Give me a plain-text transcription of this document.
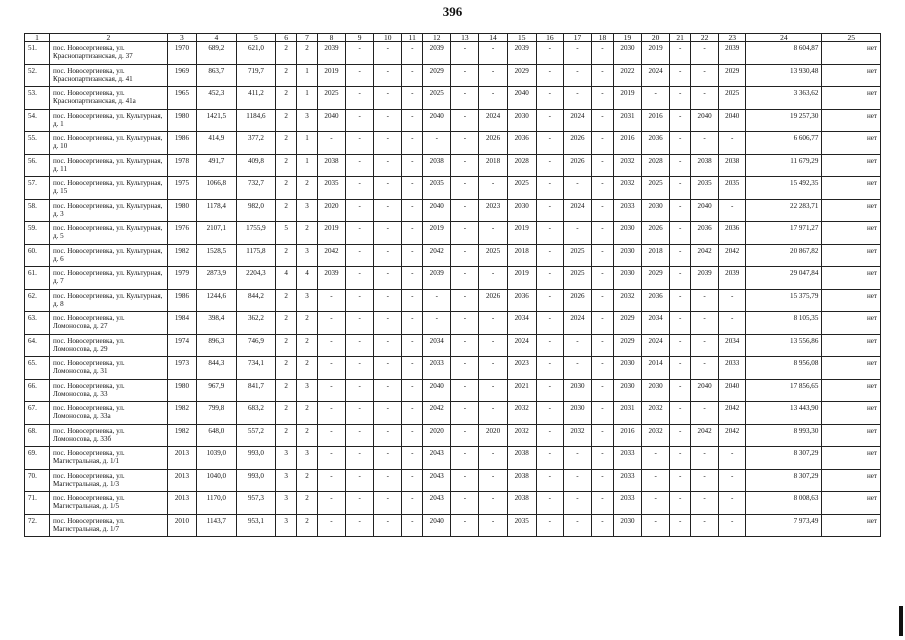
396
1	2	3	4	5	6	7	8	9	10	11	12	13	14	15	16	17	18	19	20	21	22	23	24	25
51.	пос. Новосергиевка, ул. Краснопартизанская, д. 37	1970	689,2	621,0	2	2	2039	-	-	-	2039	-	-	2039	-	-	-	2030	2019	-	-	2039	8 604,87	нет
52.	пос. Новосергиевка, ул. Краснопартизанская, д. 41	1969	863,7	719,7	2	1	2019	-	-	-	2029	-	-	2029	-	-	-	2022	2024	-	-	2029	13 930,48	нет
53.	пос. Новосергиевка, ул. Краснопартизанская, д. 41а	1965	452,3	411,2	2	1	2025	-	-	-	2025	-	-	2040	-	-	-	2019	-	-	-	2025	3 363,62	нет
54.	пос. Новосергиевка, ул. Культурная, д. 1	1980	1421,5	1184,6	2	3	2040	-	-	-	2040	-	2024	2030	-	2024	-	2031	2016	-	2040	2040	19 257,30	нет
55.	пос. Новосергиевка, ул. Культурная, д. 10	1986	414,9	377,2	2	1	-	-	-	-	-	-	2026	2036	-	2026	-	2016	2036	-	-	-	6 606,77	нет
56.	пос. Новосергиевка, ул. Культурная, д. 11	1978	491,7	409,8	2	1	2038	-	-	-	2038	-	2018	2028	-	2026	-	2032	2028	-	2038	2038	11 679,29	нет
57.	пос. Новосергиевка, ул. Культурная, д. 15	1975	1066,8	732,7	2	2	2035	-	-	-	2035	-	-	2025	-	-	-	2032	2025	-	2035	2035	15 492,35	нет
58.	пос. Новосергиевка, ул. Культурная, д. 3	1980	1178,4	982,0	2	3	2020	-	-	-	2040	-	2023	2030	-	2024	-	2033	2030	-	2040	-	22 283,71	нет
59.	пос. Новосергиевка, ул. Культурная, д. 5	1976	2107,1	1755,9	5	2	2019	-	-	-	2019	-	-	2019	-	-	-	2030	2026	-	2036	2036	17 971,27	нет
60.	пос. Новосергиевка, ул. Культурная, д. 6	1982	1528,5	1175,8	2	3	2042	-	-	-	2042	-	2025	2018	-	2025	-	2030	2018	-	2042	2042	20 867,82	нет
61.	пос. Новосергиевка, ул. Культурная, д. 7	1979	2873,9	2204,3	4	4	2039	-	-	-	2039	-	-	2019	-	2025	-	2030	2029	-	2039	2039	29 047,84	нет
62.	пос. Новосергиевка, ул. Культурная, д. 8	1986	1244,6	844,2	2	3	-	-	-	-	-	-	2026	2036	-	2026	-	2032	2036	-	-	-	15 375,79	нет
63.	пос. Новосергиевка, ул. Ломоносова, д. 27	1984	398,4	362,2	2	2	-	-	-	-	-	-	-	2034	-	2024	-	2029	2034	-	-	-	8 105,35	нет
64.	пос. Новосергиевка, ул. Ломоносова, д. 29	1974	896,3	746,9	2	2	-	-	-	-	2034	-	-	2024	-	-	-	2029	2024	-	-	2034	13 556,86	нет
65.	пос. Новосергиевка, ул. Ломоносова, д. 31	1973	844,3	734,1	2	2	-	-	-	-	2033	-	-	2023	-	-	-	2030	2014	-	-	2033	8 956,08	нет
66.	пос. Новосергиевка, ул. Ломоносова, д. 33	1980	967,9	841,7	2	3	-	-	-	-	2040	-	-	2021	-	2030	-	2030	2030	-	2040	2040	17 856,65	нет
67.	пос. Новосергиевка, ул. Ломоносова, д. 33а	1982	799,8	683,2	2	2	-	-	-	-	2042	-	-	2032	-	2030	-	2031	2032	-	-	2042	13 443,90	нет
68.	пос. Новосергиевка, ул. Ломоносова, д. 33б	1982	648,0	557,2	2	2	-	-	-	-	2020	-	2020	2032	-	2032	-	2016	2032	-	2042	2042	8 993,30	нет
69.	пос. Новосергиевка, ул. Магистральная, д. 1/1	2013	1039,0	993,0	3	3	-	-	-	-	2043	-	-	2038	-	-	-	2033	-	-	-	-	8 307,29	нет
70.	пос. Новосергиевка, ул. Магистральная, д. 1/3	2013	1040,0	993,0	3	2	-	-	-	-	2043	-	-	2038	-	-	-	2033	-	-	-	-	8 307,29	нет
71.	пос. Новосергиевка, ул. Магистральная, д. 1/5	2013	1170,0	957,3	3	2	-	-	-	-	2043	-	-	2038	-	-	-	2033	-	-	-	-	8 008,63	нет
72.	пос. Новосергиевка, ул. Магистральная, д. 1/7	2010	1143,7	953,1	3	2	-	-	-	-	2040	-	-	2035	-	-	-	2030	-	-	-	-	7 973,49	нет
